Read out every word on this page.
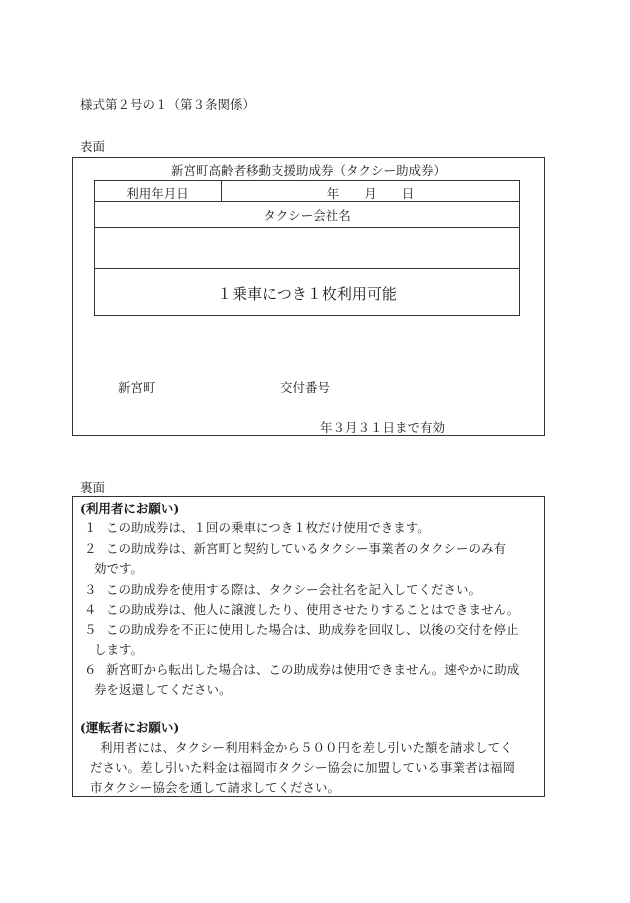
様式第２号の１（第３条関係）
表面
新宮町高齢者移動支援助成券（タクシー助成券）
利用年月日	年　　月　　日
タクシー会社名
１乗車につき１枚利用可能
新宮町	交付番号
年３月３１日まで有効
裏面
(利用者にお願い)
１ この助成券は、１回の乗車につき１枚だけ使用できます。
２ この助成券は、新宮町と契約しているタクシー事業者のタクシーのみ有
効です。
３ この助成券を使用する際は、タクシー会社名を記入してください。
４ この助成券は、他人に譲渡したり、使用させたりすることはできません。
５ この助成券を不正に使用した場合は、助成券を回収し、以後の交付を停止
します。
６ 新宮町から転出した場合は、この助成券は使用できません。速やかに助成
券を返還してください。
(運転者にお願い)
利用者には、タクシー利用料金から５００円を差し引いた額を請求してく
ださい。差し引いた料金は福岡市タクシー協会に加盟している事業者は福岡
市タクシー協会を通して請求してください。
